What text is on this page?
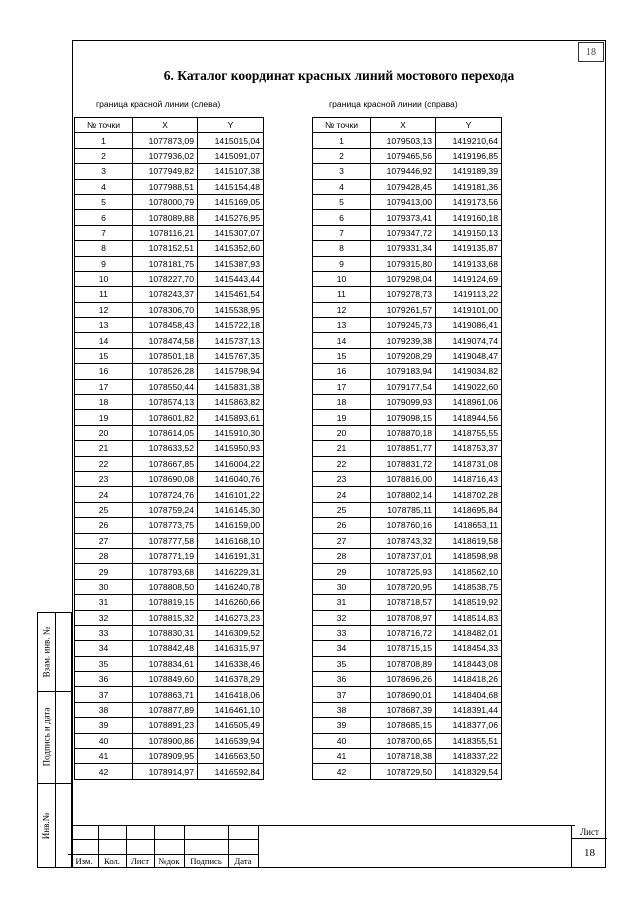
18
6. Каталог координат красных линий мостового перехода
граница красной линии (слева)	граница красной линии (справа)
№ точки	X	Y
1	1077873,09	1415015,04
2	1077936,02	1415091,07
3	1077949,82	1415107,38
4	1077988,51	1415154,48
5	1078000,79	1415169,05
6	1078089,88	1415276,95
7	1078116,21	1415307,07
8	1078152,51	1415352,60
9	1078181,75	1415387,93
10	1078227,70	1415443,44
11	1078243,37	1415461,54
12	1078306,70	1415538,95
13	1078458,43	1415722,18
14	1078474,58	1415737,13
15	1078501,18	1415767,35
16	1078526,28	1415798,94
17	1078550,44	1415831,38
18	1078574,13	1415863,82
19	1078601,82	1415893,61
20	1078614,05	1415910,30
21	1078633,52	1415950,93
22	1078667,85	1416004,22
23	1078690,08	1416040,76
24	1078724,76	1416101,22
25	1078759,24	1416145,30
26	1078773,75	1416159,00
27	1078777,58	1416168,10
28	1078771,19	1416191,31
29	1078793,68	1416229,31
30	1078808,50	1416240,78
31	1078819,15	1416260,66
32	1078815,32	1416273,23
33	1078830,31	1416309,52
34	1078842,48	1416315,97
35	1078834,61	1416338,46
36	1078849,60	1416378,29
37	1078863,71	1416418,06
38	1078877,89	1416461,10
39	1078891,23	1416505,49
40	1078900,86	1416539,94
41	1078909,95	1416563,50
42	1078914,97	1416592,84
№ точки	X	Y
1	1079503,13	1419210,64
2	1079465,56	1419196,85
3	1079446,92	1419189,39
4	1079428,45	1419181,36
5	1079413,00	1419173,56
6	1079373,41	1419160,18
7	1079347,72	1419150,13
8	1079331,34	1419135,87
9	1079315,80	1419133,68
10	1079298,04	1419124,69
11	1079278,73	1419113,22
12	1079261,57	1419101,00
13	1079245,73	1419086,41
14	1079239,38	1419074,74
15	1079208,29	1419048,47
16	1079183,94	1419034,82
17	1079177,54	1419022,60
18	1079099,93	1418961,06
19	1079098,15	1418944,56
20	1078870,18	1418755,55
21	1078851,77	1418753,37
22	1078831,72	1418731,08
23	1078816,00	1418716,43
24	1078802,14	1418702,28
25	1078785,11	1418695,84
26	1078760,16	1418653,11
27	1078743,32	1418619,58
28	1078737,01	1418598,98
29	1078725,93	1418562,10
30	1078720,95	1418538,75
31	1078718,57	1418519,92
32	1078708,97	1418514,83
33	1078716,72	1418482,01
34	1078715,15	1418454,33
35	1078708,89	1418443,08
36	1078696,26	1418418,26
37	1078690,01	1418404,68
38	1078687,39	1418391,44
39	1078685,15	1418377,06
40	1078700,65	1418355,51
41	1078718,38	1418337,22
42	1078729,50	1418329,54
Взам. инв. №
Подпись и дата
Инв.№
Изм.	Кол.	Лист	№док	Подпись	Дата
Лист
18
